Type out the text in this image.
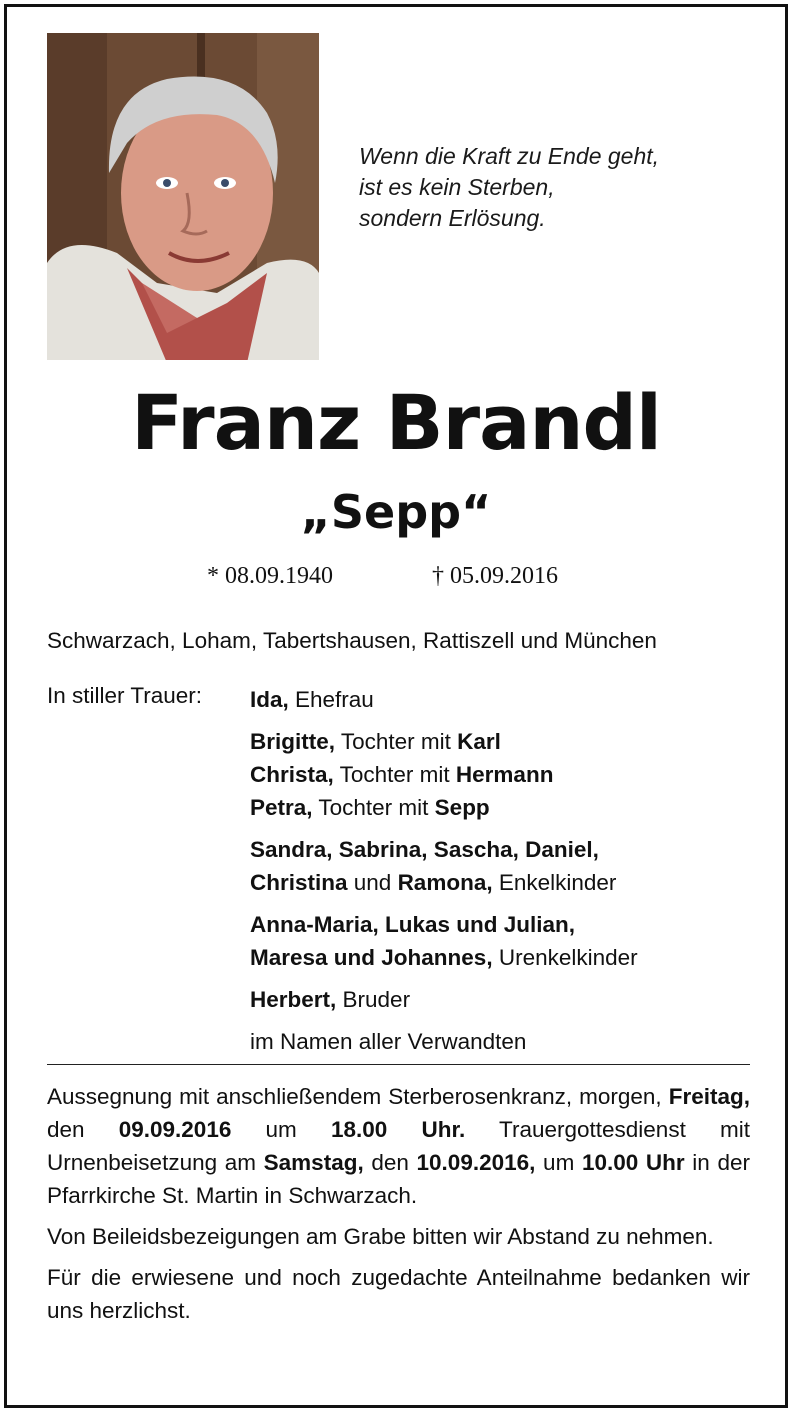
Wenn die Kraft zu Ende geht,
ist es kein Sterben,
sondern Erlösung.
Franz Brandl
„Sepp“
* 08.09.1940	† 05.09.2016
Schwarzach, Loham, Tabertshausen, Rattiszell und München
In stiller Trauer: Ida, Ehefrau
Brigitte, Tochter mit Karl
Christa, Tochter mit Hermann
Petra, Tochter mit Sepp
Sandra, Sabrina, Sascha, Daniel,
Christina und Ramona, Enkelkinder
Anna-Maria, Lukas und Julian,
Maresa und Johannes, Urenkelkinder
Herbert, Bruder
im Namen aller Verwandten

Aussegnung mit anschließendem Sterberosenkranz, morgen, Freitag, den 09.09.2016 um 18.00 Uhr. Trauergottesdienst mit Urnenbeisetzung am Samstag, den 10.09.2016, um 10.00 Uhr in der Pfarrkirche St. Martin in Schwarzach.

Von Beileidsbezeigungen am Grabe bitten wir Abstand zu nehmen.

Für die erwiesene und noch zugedachte Anteilnahme bedanken wir uns herzlichst.
